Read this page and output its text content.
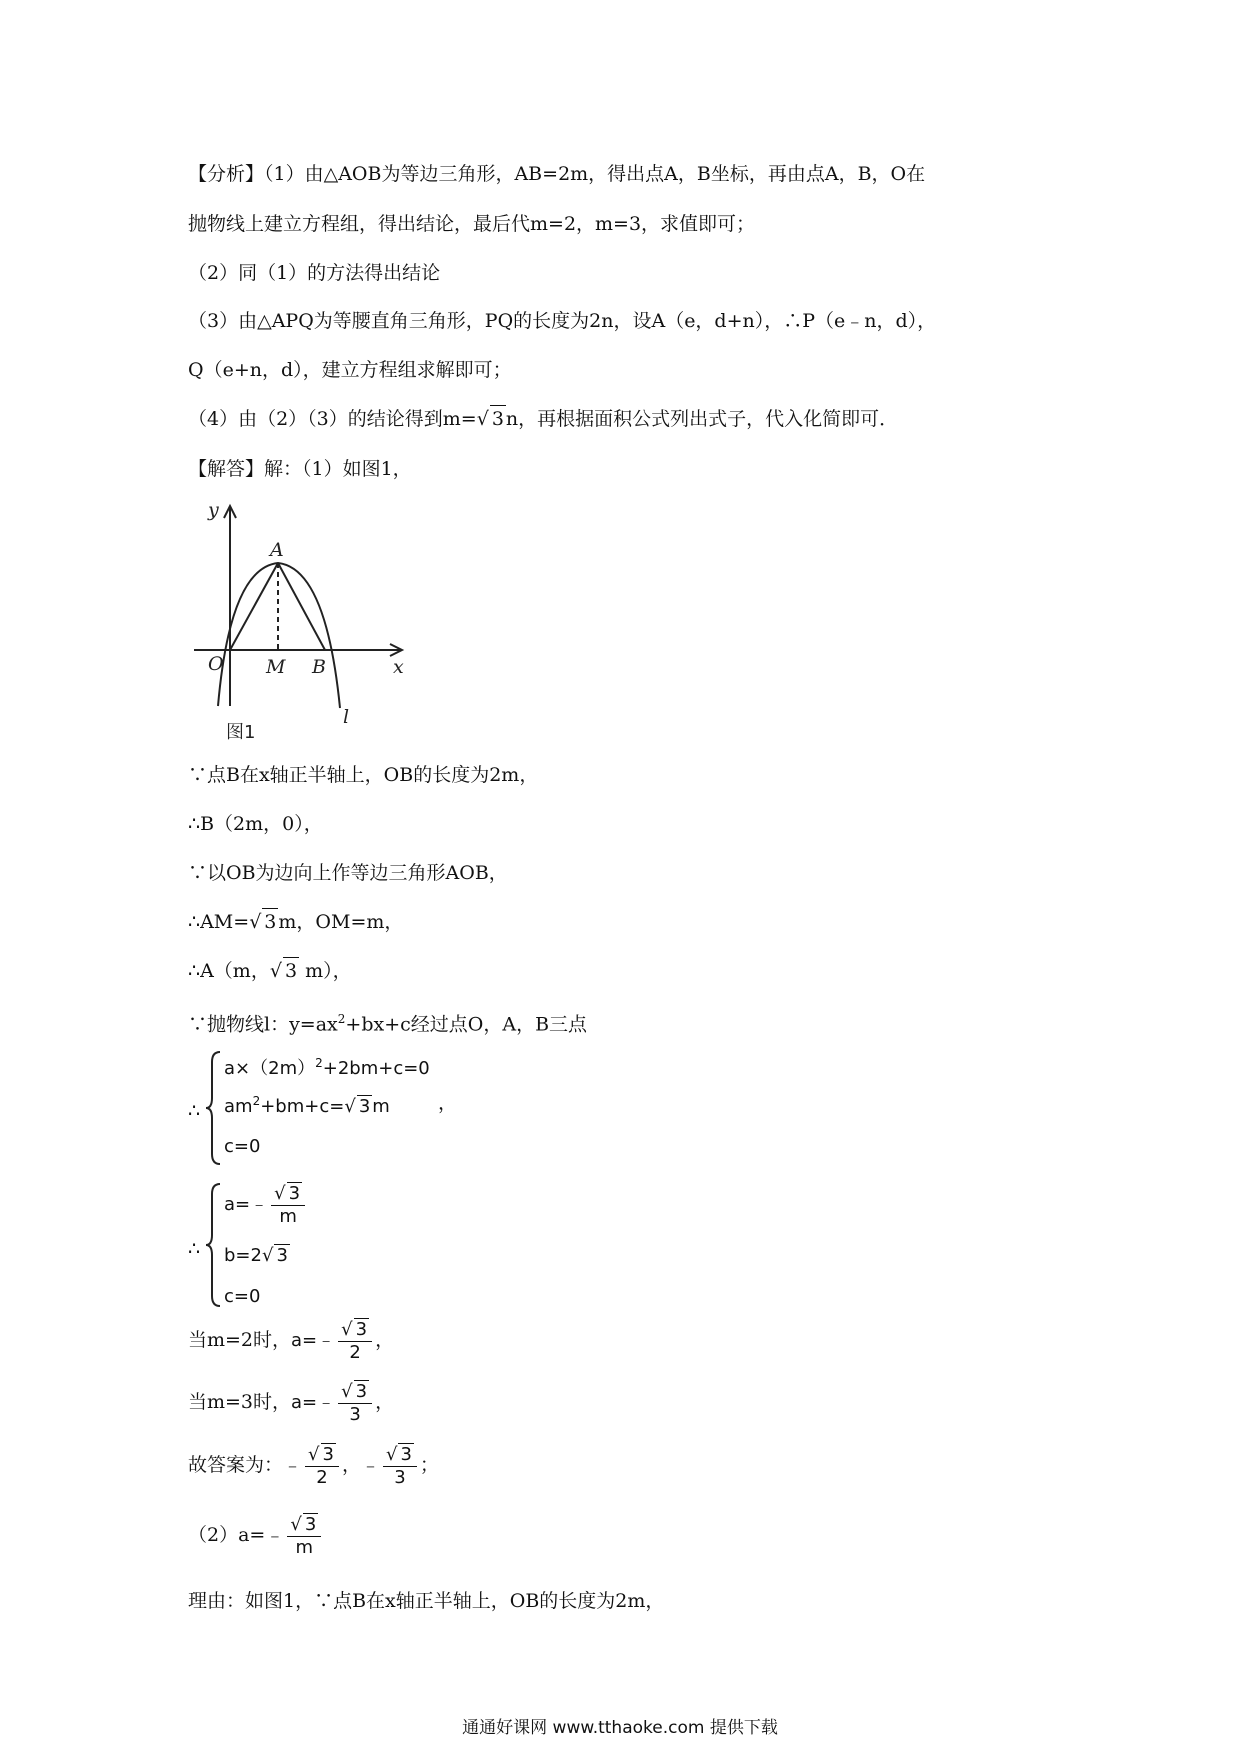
【分析】（1）由△AOB为等边三角形，AB=2m，得出点A，B坐标，再由点A，B，O在
抛物线上建立方程组，得出结论，最后代m=2，m=3，求值即可；
（2）同（1）的方法得出结论
（3）由△APQ为等腰直角三角形，PQ的长度为2n，设A（e，d+n），∴P（e﹣n，d），
Q（e+n，d），建立方程组求解即可；
（4）由（2）（3）的结论得到m=√ 3 n，再根据面积公式列出式子，代入化简即可．
【解答】解：（1）如图1，
y
x
O
A
M B
l
图1
∵点B在x轴正半轴上，OB的长度为2m，
∴B（2m，0），
∵以OB为边向上作等边三角形AOB，
∴AM=√ 3 m，OM=m，
∴A（m，√ 3 m），
∵抛物线l：$y=ax^2+bx+c$经过点O，A，B三点
∴
$a\times(2m)^2+2bm+c=0$
$am^2+bm+c=√$ 3 m
c=0
，
∴
a=﹣ $\frac{√ 3}{m}$
b=2√ 3
c=0
当m=2时，a=﹣ $\frac{√ 3}{2}$ ，
当m=3时，a=﹣ $\frac{√ 3}{3}$ ，
故答案为：﹣ $\frac{√ 3}{2}$ ，﹣ $\frac{√ 3}{3}$ ；
（2）a=﹣ $\frac{√ 3}{m}$
理由：如图1，∵点B在x轴正半轴上，OB的长度为2m，
通通好课网 www.tthaoke.com 提供下载
